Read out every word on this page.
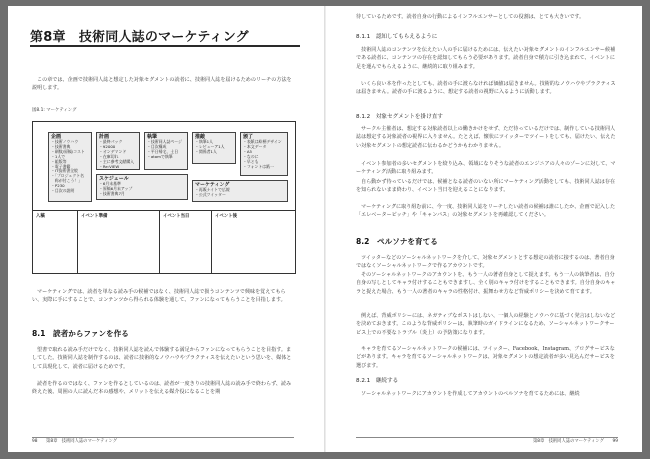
第8章　技術同人誌のマーケティング
この章では、企画で技術同人誌と想定した対象セグメントの読者に、技術同人誌を届けるためのリーチの方法を説明します。
図8.1: マーケティング
企画
・技術ノウハウ
・技術書典
・刷数/原稿/コスト
・1人で
・組版等
・電子書籍
・IT技術書全般
・「プロジェクト名
　称が付こう！」
・P230
・目次の説明
計画
・最終パック
・¥2000
・オンデマンド
・在庫切れ
・主に参考文献購入
・Re:VIEW
執筆
・技術同人誌ページ
・目次構成
・平日帰宅、土日
・atomで執筆
推敲
・執筆1人
・レビューア1人
・関係者1人
頒了
・表紙は絵柄デザイン
・本文データ
・A5
・なのに
・早とも
・フォントは紙一
スケジュール
・6月末基準
・原稿6月末アップ
・技術書典7月
マーケティング
・再販ナイトで広報
・公式ツイッター
入稿	イベント準備	イベント当日	イベント後
マーケティングでは、読者を単なる読み手の候補ではなく、技術同人誌で扱うコンテンツで興味を覚えてもらい、実際に手にすることで、コンテンツから得られる体験を通して、ファンになってもらうことを目指します。
8.1　読者からファンを作る
望書で取れる読み手だけでなく、技術同人誌を読んで体験する満足からファンになってもらうことを目指す。ましてした。技術同人誌を制作するのは、読者に技術的なノウハウやプラクティスを伝えたいという思いを、媒体として具現化して、読者に届けるためです。
読者を作るのではなく、ファンを作るとしているのは、読者が一度きりの技術同人誌の読み手で終わらず、読み終えた後、周囲の人に読んだ本の感想や、メリットを伝える媒介役になることを期
98　　第8章　技術同人誌のマーケティング
待しているためです。読者自身の行動によるインフルエンサーとしての役割は、とても大きいです。
8.1.1　認知してもらえるように
技術同人誌のコンテンツを伝えたい人の手に届けるためには、伝えたい対象セグメントのインフルエンサー候補である読者に、コンテンツの存在を認知してもらう必要があります。読者自身で積力に引き込まれて、イベントに足を運んでもらえるように、継続的に取り組みます。
いくら良い本を作ったとしても、読者の手に渡らなければ価値は届きません。技術的なノウハウやプラクティスは届きません。読者の手に渡るように、想定する読者の視野に入るように活動します。
8.1.2　対象セグメントを掛け直す
サークル主催者は、想定する対象読者以上の働きかけをせず、ただ待っているだけでは、制作している技術同人誌は想定する対象読者の視界に入りません。たとえば、懐状にツイッターでツイートをしても、届けたい、伝えたい対象セグメントの想定読者に伝わるかどうかもわかりません。
イベント参加者の多いセグメントを絞り込み、領域になりそうな読者のエンジニアの人々のゾーンに対して、マーケティング活動に取り組みます。
自ら動かず待っているだけでは、候補となる読者のいない所にマーケティング活動をしても、技術同人誌は存在を知られないまま終わり、イベント当日を迎えることになります。
マーケティングに取り組む前に、今一度、技術同人誌をリーチしたい読者の候補は誰にしたか、企画で記入した「エレベーターピッチ」や「キャンバス」の対象セグメントを再確認してください。
8.2　ペルソナを育てる
ツイッターなどのソーシャルネットワークを介して、対象セグメントとする想定の読者に接するのは、著者自身ではなくソーシャルネットワークで作るアカウントです。
そのソーシャルネットワークのアカウントを、もう一人の著者自身として捉えます。もう一人の執筆者は、自分自身の写しとしてキャラ付けすることもできますし、全く別のキャラ付けをすることもできます。自分自身のキャラと捉えた場合、もう一人の著者のキャラの性格付け、振舞わせ方など背威ポリシーを決めて育てます。
例えば、背威ポリシーには、ネガティブなポストはしない、一個人の経験とノウハウに基づく発言はしないなどを決めておきます。このような背威ポリシーは、執筆時のガイドラインになるため、ソーシャルネットワークサービス上での不要なトラブル（炎上）の予防策になります。
キャラを育てるソーシャルネットワークの候補には、ツイッター、Facebook、Instagram、ブログサービスなどがあります。キャラを育てるソーシャルネットワークは、対象セグメントの想定読者が多い見込んだサービスを選びます。
8.2.1　継続する
ソーシャルネットワークにアカウントを作成してアカウントのペルソナを育てるためには、継続
第8章　技術同人誌のマーケティング　　99
